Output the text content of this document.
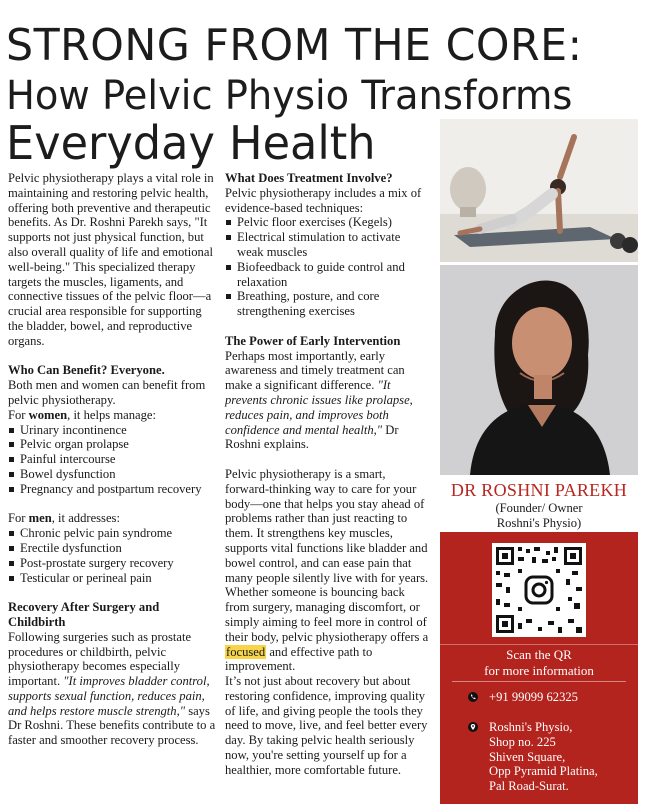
STRONG FROM THE CORE:
How Pelvic Physio Transforms
Everyday Health

Pelvic physiotherapy plays a vital role in maintaining and restoring pelvic health, offering both preventive and therapeutic benefits. As Dr. Roshni Parekh says, "It supports not just physical function, but also overall quality of life and emotional well-being." This specialized therapy targets the muscles, ligaments, and connective tissues of the pelvic floor—a crucial area responsible for supporting the bladder, bowel, and reproductive organs.

Who Can Benefit? Everyone.

Both men and women can benefit from pelvic physiotherapy.

For women, it helps manage:

Urinary incontinence
Pelvic organ prolapse
Painful intercourse
Bowel dysfunction
Pregnancy and postpartum recovery

For men, it addresses:

Chronic pelvic pain syndrome
Erectile dysfunction
Post-prostate surgery recovery
Testicular or perineal pain
Recovery After Surgery and Childbirth

Following surgeries such as prostate procedures or childbirth, pelvic physiotherapy becomes especially important. "It improves bladder control, supports sexual function, reduces pain, and helps restore muscle strength," says Dr Roshni. These benefits contribute to a faster and smoother recovery process.

What Does Treatment Involve?

Pelvic physiotherapy includes a mix of evidence-based techniques:

Pelvic floor exercises (Kegels)
Electrical stimulation to activate weak muscles
Biofeedback to guide control and relaxation
Breathing, posture, and core strengthening exercises
The Power of Early Intervention

Perhaps most importantly, early awareness and timely treatment can make a significant difference. "It prevents chronic issues like prolapse, reduces pain, and improves both confidence and mental health," Dr Roshni explains.

Pelvic physiotherapy is a smart, forward-thinking way to care for your body—one that helps you stay ahead of problems rather than just reacting to them. It strengthens key muscles, supports vital functions like bladder and bowel control, and can ease pain that many people silently live with for years. Whether someone is bouncing back from surgery, managing discomfort, or simply aiming to feel more in control of their body, pelvic physiotherapy offers a focused and effective path to improvement.

It’s not just about recovery but about restoring confidence, improving quality of life, and giving people the tools they need to move, live, and feel better every day. By taking pelvic health seriously now, you're setting yourself up for a healthier, more comfortable future.

DR ROSHNI PAREKH
(Founder/ Owner
Roshni's Physio)
Scan the QR
for more information
+91 99099 62325
Roshni's Physio,
Shop no. 225
Shiven Square,
Opp Pyramid Platina,
Pal Road-Surat.
